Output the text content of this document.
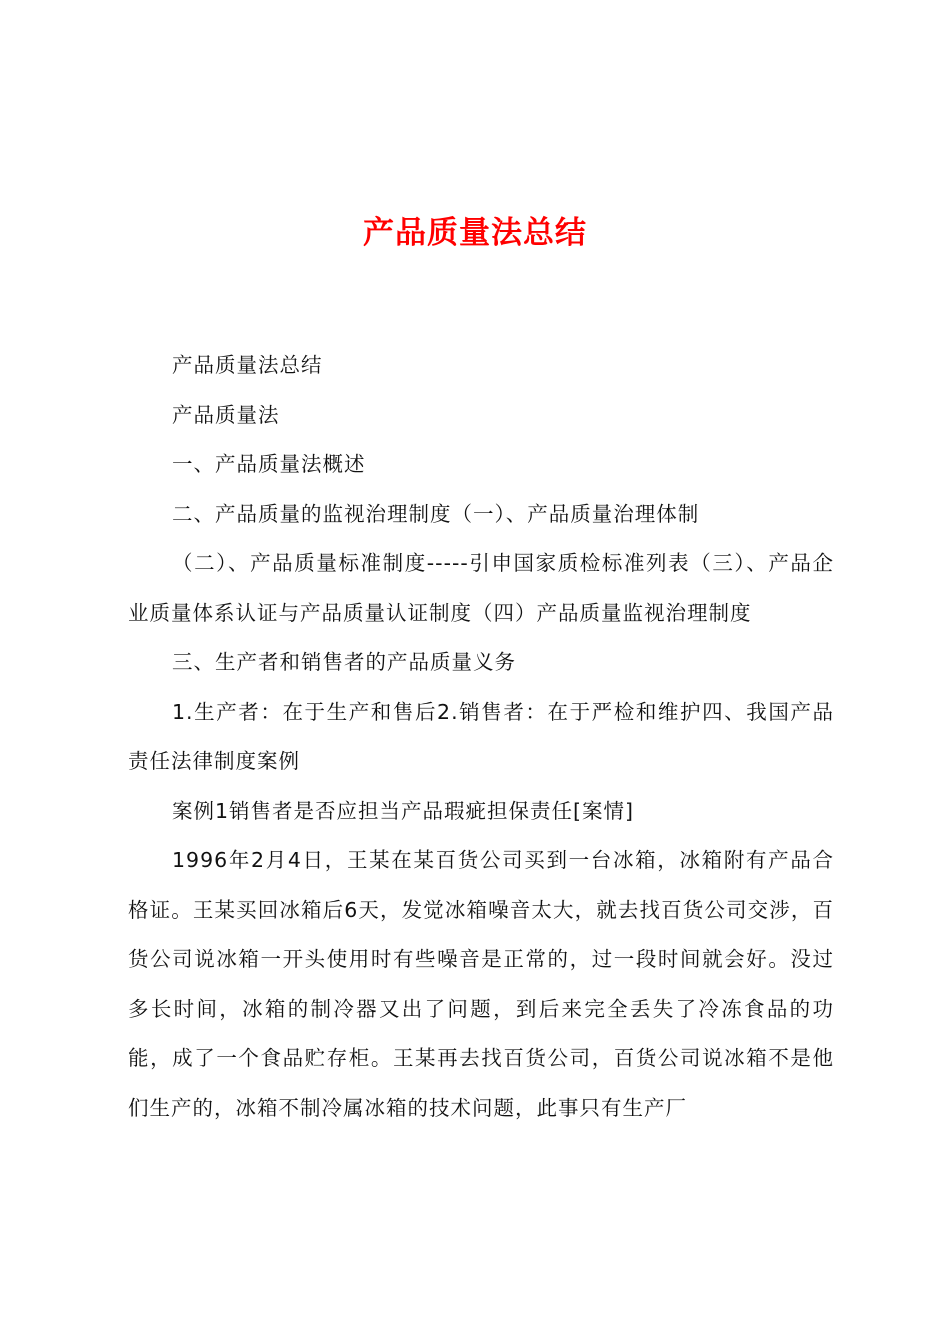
产品质量法总结

产品质量法总结

产品质量法

一、产品质量法概述

二、产品质量的监视治理制度（一）、产品质量治理体制

（二）、产品质量标准制度-----引申国家质检标准列表（三）、产品企业质量体系认证与产品质量认证制度（四）产品质量监视治理制度

三、生产者和销售者的产品质量义务

1.生产者：在于生产和售后2.销售者：在于严检和维护四、我国产品责任法律制度案例

案例1销售者是否应担当产品瑕疵担保责任[案情]

1996年2月4日，王某在某百货公司买到一台冰箱，冰箱附有产品合格证。王某买回冰箱后6天，发觉冰箱噪音太大，就去找百货公司交涉，百货公司说冰箱一开头使用时有些噪音是正常的，过一段时间就会好。没过多长时间，冰箱的制冷器又出了问题，到后来完全丢失了冷冻食品的功能，成了一个食品贮存柜。王某再去找百货公司，百货公司说冰箱不是他们生产的，冰箱不制冷属冰箱的技术问题，此事只有生产厂
